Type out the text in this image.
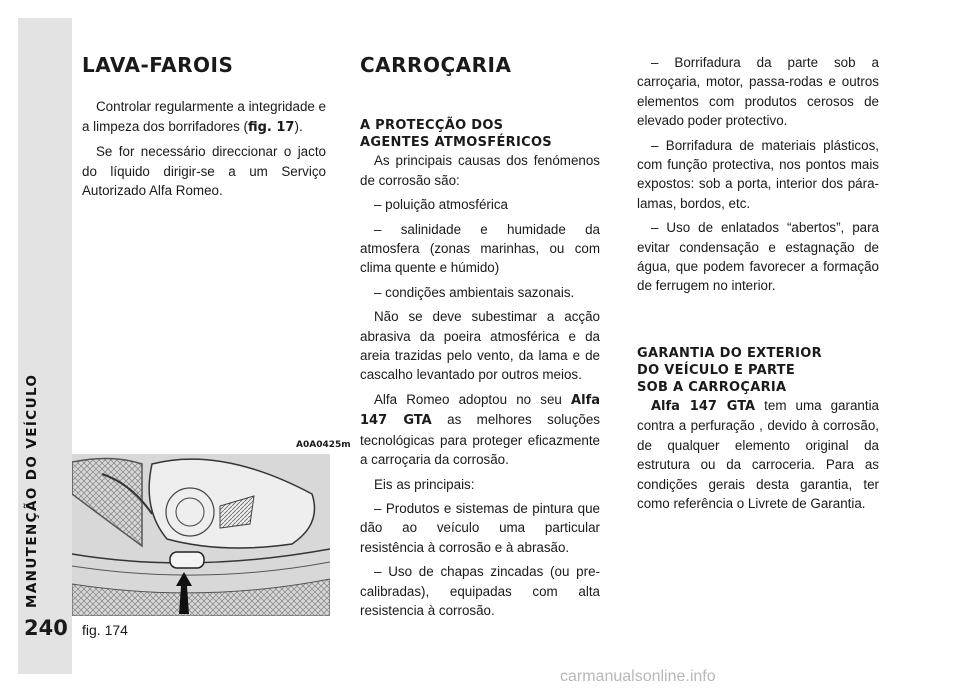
MANUTENÇÃO DO VEÍCULO
240
LAVA-FAROIS

Controlar regularmente a integridade e a limpeza dos borrifadores (fig. 17).

Se for necessário direccionar o jacto do líquido dirigir-se a um Serviço Autorizado Alfa Romeo.

A0A0425m
fig. 174
CARROÇARIA
A PROTECÇÃO DOS
AGENTES ATMOSFÉRICOS

As principais causas dos fenómenos de corrosão são:

– poluição atmosférica

– salinidade e humidade da atmosfera (zonas marinhas, ou com clima quente e húmido)

– condições ambientais sazonais.

Não se deve subestimar a acção abrasiva da poeira atmosférica e da areia trazidas pelo vento, da lama e de cascalho levantado por outros meios.

Alfa Romeo adoptou no seu Alfa 147 GTA as melhores soluções tecnológicas para proteger eficazmente a carroçaria da corrosão.

Eis as principais:

– Produtos e sistemas de pintura que dão ao veículo uma particular resistência à corrosão e à abrasão.

– Uso de chapas zincadas (ou pre-calibradas), equipadas com alta resistencia à corrosão.

– Borrifadura da parte sob a carroçaria, motor, passa-rodas e outros elementos com produtos cerosos de elevado poder protectivo.

– Borrifadura de materiais plásticos, com função protectiva, nos pontos mais expostos: sob a porta, interior dos pára-lamas, bordos, etc.

– Uso de enlatados “abertos”, para evitar condensação e estagnação de água, que podem favorecer a formação de ferrugem no interior.

GARANTIA DO EXTERIOR
DO VEÍCULO E PARTE
SOB A CARROÇARIA

Alfa 147 GTA tem uma garantia contra a perfuração , devido à corrosão, de qualquer elemento original da estrutura ou da carroceria. Para as condições gerais desta garantia, ter como referência o Livrete de Garantia.

carmanualsonline.info
